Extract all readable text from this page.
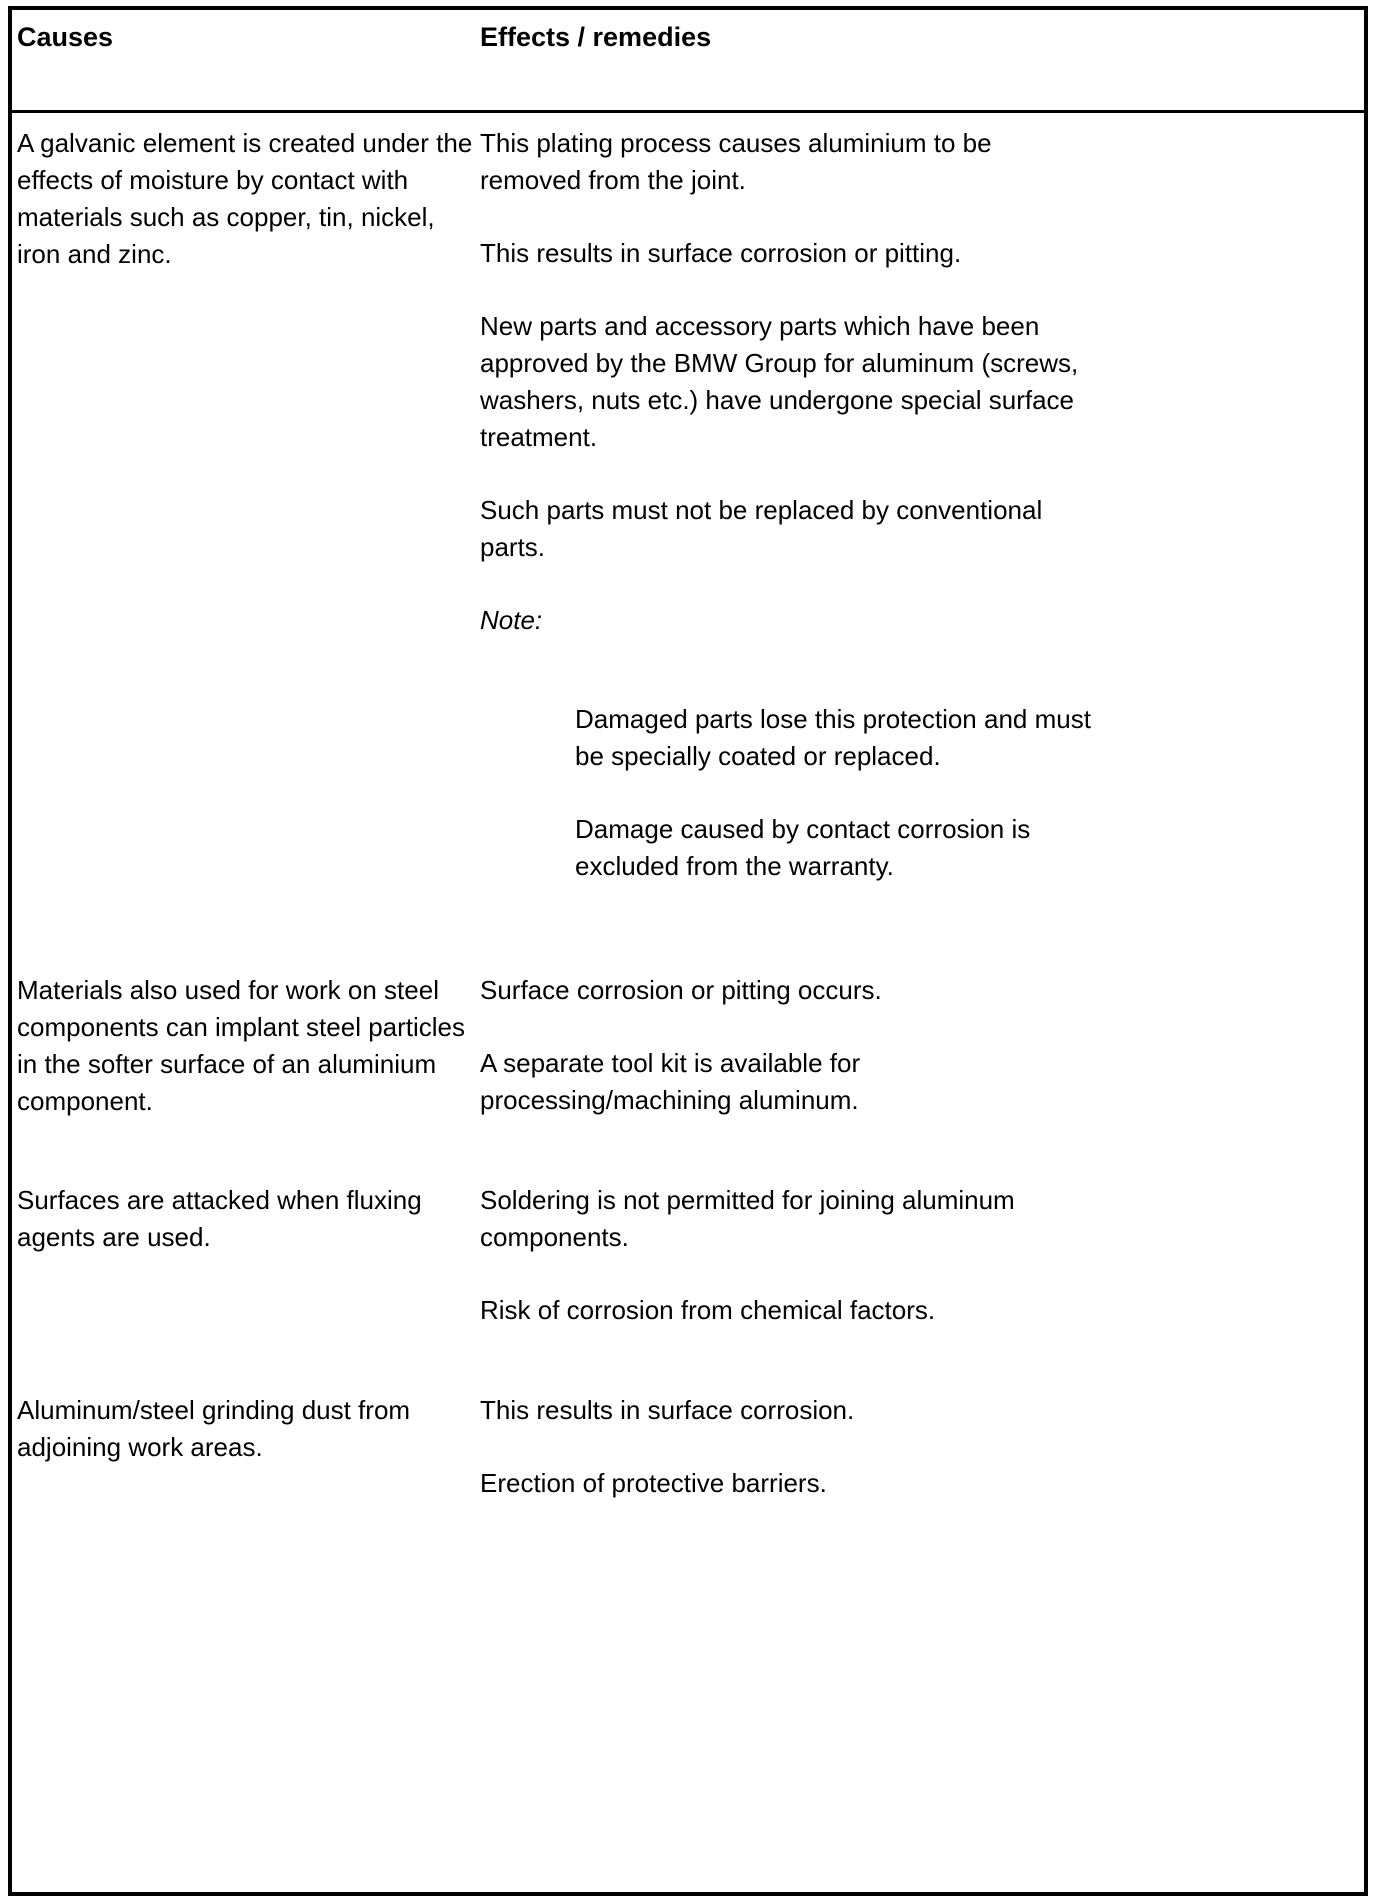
Causes	Effects / remedies

A galvanic element is created under the effects of moisture by contact with materials such as copper, tin, nickel, iron and zinc.

This plating process causes aluminium to be removed from the joint.

This results in surface corrosion or pitting.

New parts and accessory parts which have been approved by the BMW Group for aluminum (screws, washers, nuts etc.) have undergone special surface treatment.

Such parts must not be replaced by conventional parts.

Note:

Damaged parts lose this protection and must be specially coated or replaced.

Damage caused by contact corrosion is excluded from the warranty.

Materials also used for work on steel components can implant steel particles in the softer surface of an aluminium component.

Surface corrosion or pitting occurs.

A separate tool kit is available for processing/machining aluminum.

Surfaces are attacked when fluxing agents are used.

Soldering is not permitted for joining aluminum components.

Risk of corrosion from chemical factors.

Aluminum/steel grinding dust from adjoining work areas.

This results in surface corrosion.

Erection of protective barriers.
